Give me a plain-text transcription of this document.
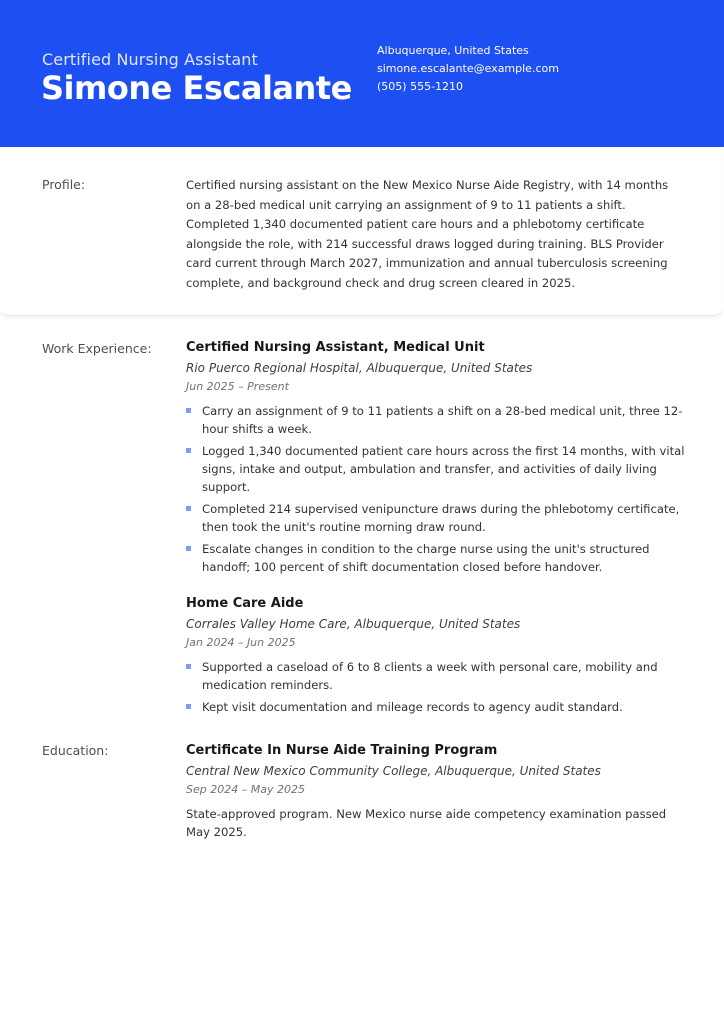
Certified Nursing Assistant
Simone Escalante
Albuquerque, United States
simone.escalante@example.com
(505) 555-1210
Profile:	Certified nursing assistant on the New Mexico Nurse Aide Registry, with 14 months on a 28-bed medical unit carrying an assignment of 9 to 11 patients a shift. Completed 1,340 documented patient care hours and a phlebotomy certificate alongside the role, with 214 successful draws logged during training. BLS Provider card current through March 2027, immunization and annual tuberculosis screening complete, and background check and drug screen cleared in 2025.

Work Experience:	Certified Nursing Assistant, Medical Unit

Rio Puerco Regional Hospital, Albuquerque, United States

Jun 2025 – Present

Carry an assignment of 9 to 11 patients a shift on a 28-bed medical unit, three 12-hour shifts a week.
Logged 1,340 documented patient care hours across the first 14 months, with vital signs, intake and output, ambulation and transfer, and activities of daily living support.
Completed 214 supervised venipuncture draws during the phlebotomy certificate, then took the unit's routine morning draw round.
Escalate changes in condition to the charge nurse using the unit's structured handoff; 100 percent of shift documentation closed before handover.

Home Care Aide

Corrales Valley Home Care, Albuquerque, United States

Jan 2024 – Jun 2025

Supported a caseload of 6 to 8 clients a week with personal care, mobility and medication reminders.
Kept visit documentation and mileage records to agency audit standard.
Education:	Certificate In Nurse Aide Training Program

Central New Mexico Community College, Albuquerque, United States

Sep 2024 – May 2025

State-approved program. New Mexico nurse aide competency examination passed May 2025.
